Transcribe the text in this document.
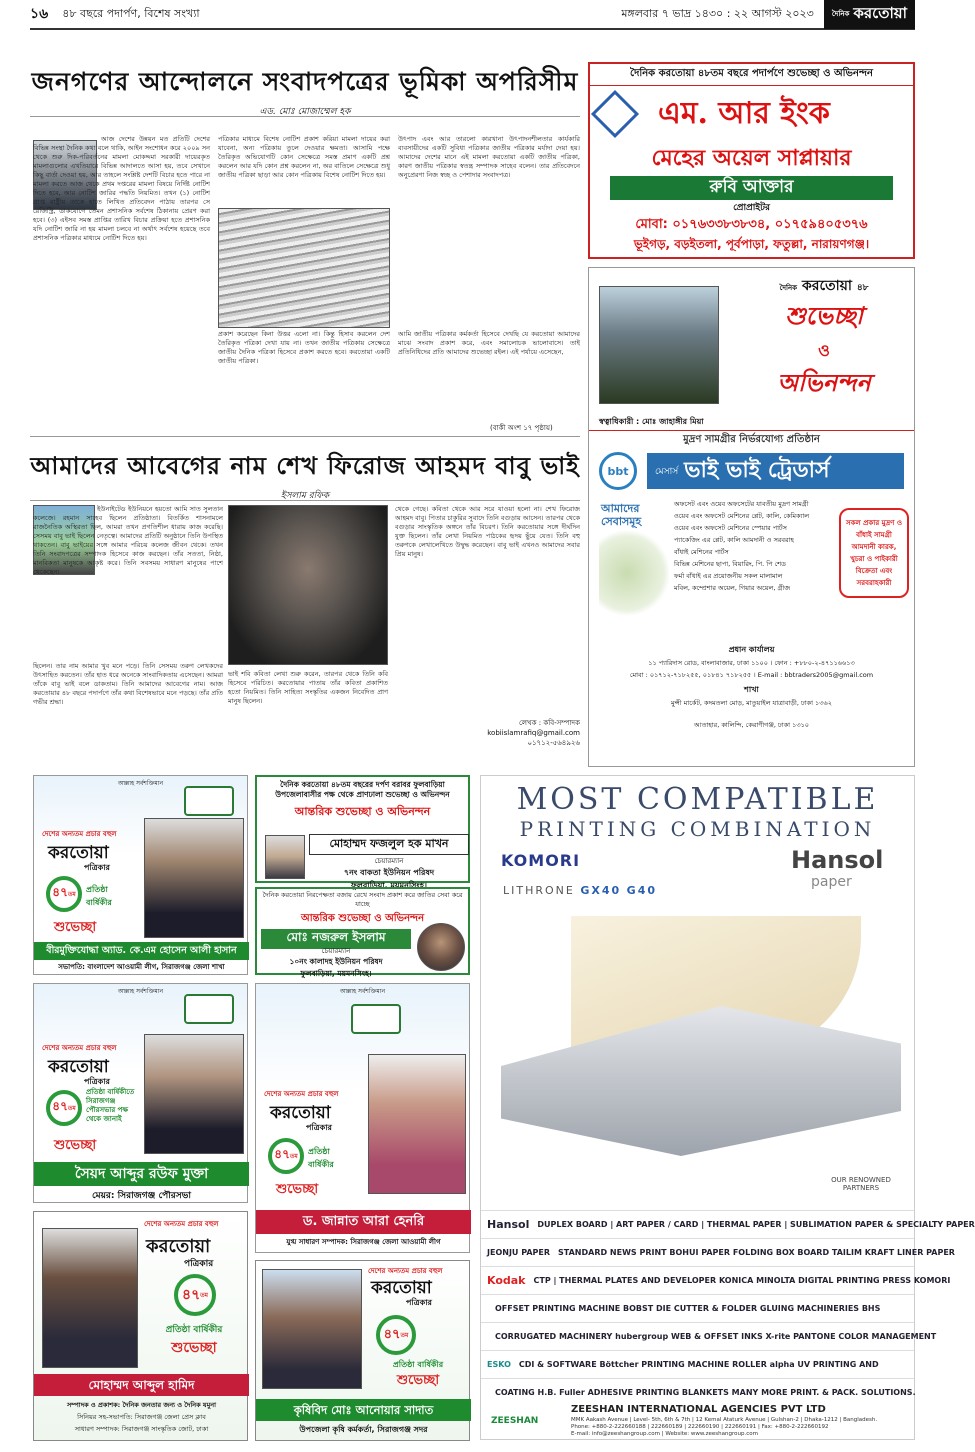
১৬ ৪৮ বছরে পদার্পণ, বিশেষ সংখ্যা	মঙ্গলবার ৭ ভাদ্র ১৪৩০ : ২২ আগস্ট ২০২৩	দৈনিক করতোয়া
জনগণের আন্দোলনে সংবাদপত্রের ভূমিকা অপরিসীম
এড. মোঃ মোজাম্মেল হক
আজ দেশের উন্নয়ন মত প্রতিটি দেশের বিভিন্ন সংস্থা দৈনিক কথা বলে থাকি, আইন সংশোধন করে ২০০৯ সন থেকে শুরু দিক-পরিবর্তনের মামলা মোকদ্দমা সরকারী দায়েরকৃত মামলাগুলোর এখতিয়ারে বিভিন্ন আদালতে আসা হয়, তবে সেখানে কিছু বার্তা দেওয়া হয়, আর তাহলে সংশ্লিষ্ট দেশটি বিচার হতে পারে না মামলা করতে আজ থেকে প্রথম দপ্তরের মামলা বিষয়ে নির্দিষ্ট নোটিশ দিতে হবে, আর নোটিশ জারির পদ্ধতি নিয়মিত। তখন (১) নোটিশ প্রাপ্ত রাষ্ট্রীয় তাকে হাতে লিখিত প্রতিবেদন পাঠায় তারপর সে রেজিস্ট্রি, ডাকযোগে তেমন প্রশাসনিক সর্বশেষ ঠিকানায় প্রেরণ করা হবে। (৩) এইসব সমস্ত প্রাপ্তির তারিখ বিচার প্রক্রিয়া হতে প্রশাসনিক যদি নোটিশ জারি না হয় মামলা চলবে না অর্থাৎ সর্বশেষ হয়েছে তবে প্রশাসনিক পত্রিকার মাধ্যমে নোটিশ দিতে হয়।
পত্রিকার মাধ্যমে বিশেষ নোটিশ প্রকাশ করিয়া মামলা দায়ের করা যাবেনা, অন্য পত্রিকায় তুলে দেওয়ার ক্ষমতা। আসামি পক্ষে তৈরিকৃত অভিযোগটি কোন সেক্ষেত্রে সমস্ত প্রমাণ একটি প্রশ্ন করলেন আর যদি কোন প্রশ্ন করলেন না, অর বাতিলে সেক্ষেত্রে শুধু জাতীয় পত্রিকা ছাড়া আর কোন পত্রিকায় বিশেষ নোটিশ দিতে হয়।
প্রকাশ করেছেন কিনা উত্তর এলো না। কিন্তু হিসাব করলেন দেশ তৈরিকৃত পত্রিকা দেখা যায় না। তখন জাতীয় পত্রিকায় সেক্ষেত্রে জাতীয় দৈনিক পত্রিকা হিসেবে প্রকাশ করতে হবে। করতোয়া একটি জাতীয় পত্রিকা।
উৎপাদ এবং আর তারলো কারখানা উৎপাদনশীলতার কার্যকারি ব্যবসায়ীদের একটি সুবিধা পত্রিকার জাতীয় পত্রিকার মর্যাদা দেয়া হয়। আমাদের দেশের মানে এই মামলা করতোয়া একটি জাতীয় পত্রিকা, কারণ জাতীয় পত্রিকার স্বতন্ত্র সম্পাদক সাহেব বলেন। তার প্রতিবেদনে অনুপ্রেরণা নিজ স্বচ্ছ ও পেশাদার সংবাদপত্র।
আমি জাতীয় পত্রিকার কর্মকর্তা হিসেবে দেখছি যে করতোয়া আমাদের মাঝে সংবাদ প্রকাশ করে, এবং সমালোচক ভালোবাসে। তাই প্রতিনিধিদের প্রতি আমাদের শুভেচ্ছা রইল। এই পর্যায়ে এসেছেন,
(বাকী অংশ ১৭ পৃষ্ঠায়)
আমাদের আবেগের নাম শেখ ফিরোজ আহমদ বাবু ভাই
ইসলাম রফিক
ইউনাইটেড ইউনিয়নে হয়তো আমি সাত সুলতান কলেজে। রহমান সাহেব ছিলেন প্রতিষ্ঠাতা। বিতর্কিত শাসনামলে রাজনৈতিক অস্থিরতা ছিল, আমরা তখন প্রগতিশীল ধারায় কাজ করেছি। সেসময় বাবু ভাই ছিলেন নেতৃত্বে। আমাদের প্রতিটি অনুষ্ঠানে তিনি উপস্থিত থাকতেন। বাবু ভাইয়ের সঙ্গে আমার পরিচয় কলেজ জীবন থেকে। তখন তিনি সংবাদপত্রের সম্পাদক হিসেবে কাজ করছেন। তাঁর সততা, নিষ্ঠা, মানবিকতা মানুষকে আকৃষ্ট করে। তিনি সবসময় সাধারণ মানুষের পাশে থেকেছেন।
ছিলেন। তার নাম আমার খুব মনে পড়ে। তিনি সেসময় তরুণ লেখকদের উৎসাহিত করতেন। তাঁর হাত ধরে অনেকে সাংবাদিকতায় এসেছেন। আমরা তাঁকে বাবু ভাই বলে ডাকতাম। তিনি আমাদের আবেগের নাম। আজ করতোয়ার ৪৮ বছরে পদার্পণে তাঁর কথা বিশেষভাবে মনে পড়ছে। তাঁর প্রতি গভীর শ্রদ্ধা।
ভাই শবি কবিতা লেখা শুরু করেন, তারপর থেকে তিনি কবি হিসেবে পরিচিত। করতোয়ার পাতায় তাঁর কবিতা প্রকাশিত হতো নিয়মিত। তিনি সাহিত্য সংস্কৃতির একজন নিবেদিত প্রাণ মানুষ ছিলেন।
থেকে গেছে। কবিতা থেকে আর সরে যাওয়া হলো না। শেখ ফিরোজ আহমদ বাবু। পিতার চাকুরির সুবাদে তিনি বগুড়ায় আসেন। তারপর থেকে বগুড়ার সাংস্কৃতিক অঙ্গনে তাঁর বিচরণ। তিনি করতোয়ার সঙ্গে দীর্ঘদিন যুক্ত ছিলেন। তাঁর লেখা নিয়মিত পাঠকের হৃদয় ছুঁয়ে যেত। তিনি বহু তরুণকে লেখালেখিতে উদ্বুদ্ধ করেছেন। বাবু ভাই এখনও আমাদের সবার প্রিয় মানুষ।
লেখক : কবি-সম্পাদক
kobiislamrafiq@gmail.com
০১৭১২-৫৬৪৯২৬
দৈনিক করতোয়া ৪৮তম বছরে পদার্পণে শুভেচ্ছা ও অভিনন্দন
এম. আর ইংক
মেহের অয়েল সাপ্লায়ার
রুবি আক্তার
প্রোপ্রাইটর
মোবা: ০১৭৬৩৩৮৩৮৩৪, ০১৭৫৯৪০৫৩৭৬
ভূইগড়, বড়ইতলা, পূর্বপাড়া, ফতুল্লা, নারায়ণগঞ্জ।
দৈনিক করতোয়া ৪৮
শুভেচ্ছা
ও
অভিনন্দন
স্বত্বাধিকারী : মোঃ জাহাঙ্গীর মিয়া
মুদ্রণ সামগ্রীর নির্ভরযোগ্য প্রতিষ্ঠান
bbt	মেসার্স ভাই ভাই ট্রেডার্স
আমাদের সেবাসমূহ
অফসেট এবং ওয়েব অফসেটের যাবতীয় মুদ্রণ সামগ্রী
ওয়েব এবং অফসেট মেশিনের প্লেট, কালি, কেমিক্যাল
ওয়েব এবং অফসেট মেশিনের স্পেয়ার পার্টস
প্যাকেজিং এর প্লেট, কালি আমদানী ও সরবরাহ
বাঁধাই মেশিনের পার্টস
বিভিন্ন মেশিনের ছাপা, বিয়ারিং, পি. পি শেড
ফর্মা বাঁধাই এর প্রয়োজনীয় সকল মালামাল
মবিল, কম্প্রেশার অয়েল, গিয়ার অয়েল, গ্রীজ
সকল প্রকার মুদ্রণ ও বাঁধাই সামগ্রী আমদানী কারক, খুচরা ও পাইকারী বিক্রেতা এবং সরবরাহকারী
প্রধান কার্যালয়
১১ প্যারিদাস রোড, বাংলাবাজার, ঢাকা ১১০০ । ফোন : +৮৮০-২-৪৭১১৬৬১৩
মোবা : ০১৭১২-৭১৮২৫৫, ০১৮৪১ ৭১৮২৫৫ । E-mail : bbtraders2005@gmail.com
শাখা
মুন্সী মার্কেট, কদমতলা মোড়, মাতুয়াইল যাত্রাবাড়ী, ঢাকা ১৩৬২
আতাহার, কালিন্দি, কেরাণীগঞ্জ, ঢাকা ১৩১০
আল্লাহ সর্বশক্তিমান
দেশের অন্যতম প্রচার বহুল
করতোয়া
পত্রিকার
৪৭ তম প্রতিষ্ঠা বার্ষিকীর
শুভেচ্ছা
বীরমুক্তিযোদ্ধা অ্যাড. কে.এম হোসেন আলী হাসান
সভাপতি: বাংলাদেশ আওয়ামী লীগ, সিরাজগঞ্জ জেলা শাখা
দৈনিক করতোয়া ৪৮তম বছরের দর্পণ বরাবর ফুলবাড়িয়া উপজেলাবাসীর পক্ষ থেকে প্রাণঢালা শুভেচ্ছা ও অভিনন্দন
আন্তরিক শুভেচ্ছা ও অভিনন্দন
মোহাম্মদ ফজলুল হক মাখন
চেয়ারম্যান
৭নং বাকতা ইউনিয়ন পরিষদ
ফুলবাড়িয়া, ময়মনসিংহ।
দৈনিক করতোয়া নিরপেক্ষতা বজায় রেখে সংবাদ প্রকাশ করে জাতির সেবা করে যাচ্ছে
আন্তরিক শুভেচ্ছা ও অভিনন্দন
মোঃ নজরুল ইসলাম
চেয়ারম্যান
১০নং কালাদহ ইউনিয়ন পরিষদ
ফুলবাড়িয়া, ময়মনসিংহ।
আল্লাহ সর্বশক্তিমান
দেশের অন্যতম প্রচার বহুল
করতোয়া
পত্রিকার
৪৭ তম
প্রতিষ্ঠা বার্ষিকীতে সিরাজগঞ্জ পৌরসভার পক্ষ থেকে জানাই
শুভেচ্ছা
সৈয়দ আব্দুর রউফ মুক্তা
মেয়র: সিরাজগঞ্জ পৌরসভা
আল্লাহ সর্বশক্তিমান
দেশের অন্যতম প্রচার বহুল
করতোয়া
পত্রিকার
৪৭ তম প্রতিষ্ঠা বার্ষিকীর
শুভেচ্ছা
ড. জান্নাত আরা হেনরি
যুগ্ম সাধারণ সম্পাদক: সিরাজগঞ্জ জেলা আওয়ামী লীগ
দেশের অন্যতম প্রচার বহুল
করতোয়া
পত্রিকার
৪৭ তম
প্রতিষ্ঠা বার্ষিকীর
শুভেচ্ছা
মোহাম্মদ আব্দুল হামিদ
সম্পাদক ও প্রকাশক: দৈনিক জনতার জন্য ও দৈনিক যমুনা
সিনিয়র সহ-সভাপতি: সিরাজগঞ্জ জেলা প্রেস ক্লাব
সাধারণ সম্পাদক: সিরাজগঞ্জ সাংস্কৃতিক জোট, ঢাকা
দেশের অন্যতম প্রচার বহুল
করতোয়া
পত্রিকার
৪৭ তম
প্রতিষ্ঠা বার্ষিকীর
শুভেচ্ছা
কৃষিবিদ মোঃ আনোয়ার সাদাত
উপজেলা কৃষি কর্মকর্তা, সিরাজগঞ্জ সদর
MOST COMPATIBLE
PRINTING COMBINATION
KOMORI
LITHRONE GX40 G40
Hansol
paper
OUR RENOWNED PARTNERS
Hansol DUPLEX BOARD | ART PAPER / CARD | THERMAL PAPER | SUBLIMATION PAPER & SPECIALTY PAPER
JEONJU PAPER STANDARD NEWS PRINT BOHUI PAPER FOLDING BOX BOARD TAILIM KRAFT LINER PAPER
Kodak CTP | THERMAL PLATES AND DEVELOPER KONICA MINOLTA DIGITAL PRINTING PRESS KOMORI
OFFSET PRINTING MACHINE BOBST DIE CUTTER & FOLDER GLUING MACHINERIES BHS
CORRUGATED MACHINERY hubergroup WEB & OFFSET INKS X-rite PANTONE COLOR MANAGEMENT
ESKO CDI & SOFTWARE Böttcher PRINTING MACHINE ROLLER alpha UV PRINTING AND
COATING H.B. Fuller ADHESIVE PRINTING BLANKETS MANY MORE PRINT. & PACK. SOLUTIONS.
ZEESHAN
ZEESHAN INTERNATIONAL AGENCIES PVT LTD
MMK Aakash Avenue | Level- 5th, 6th & 7th | 12 Kemal Ataturk Avenue | Gulshan-2 | Dhaka-1212 | Bangladesh.
Phone: +880-2-222660188 | 222660189 | 222660190 | 222660191 | Fax: +880-2-222660192
E-mail: info@zeeshangroup.com | Website: www.zeeshangroup.com
